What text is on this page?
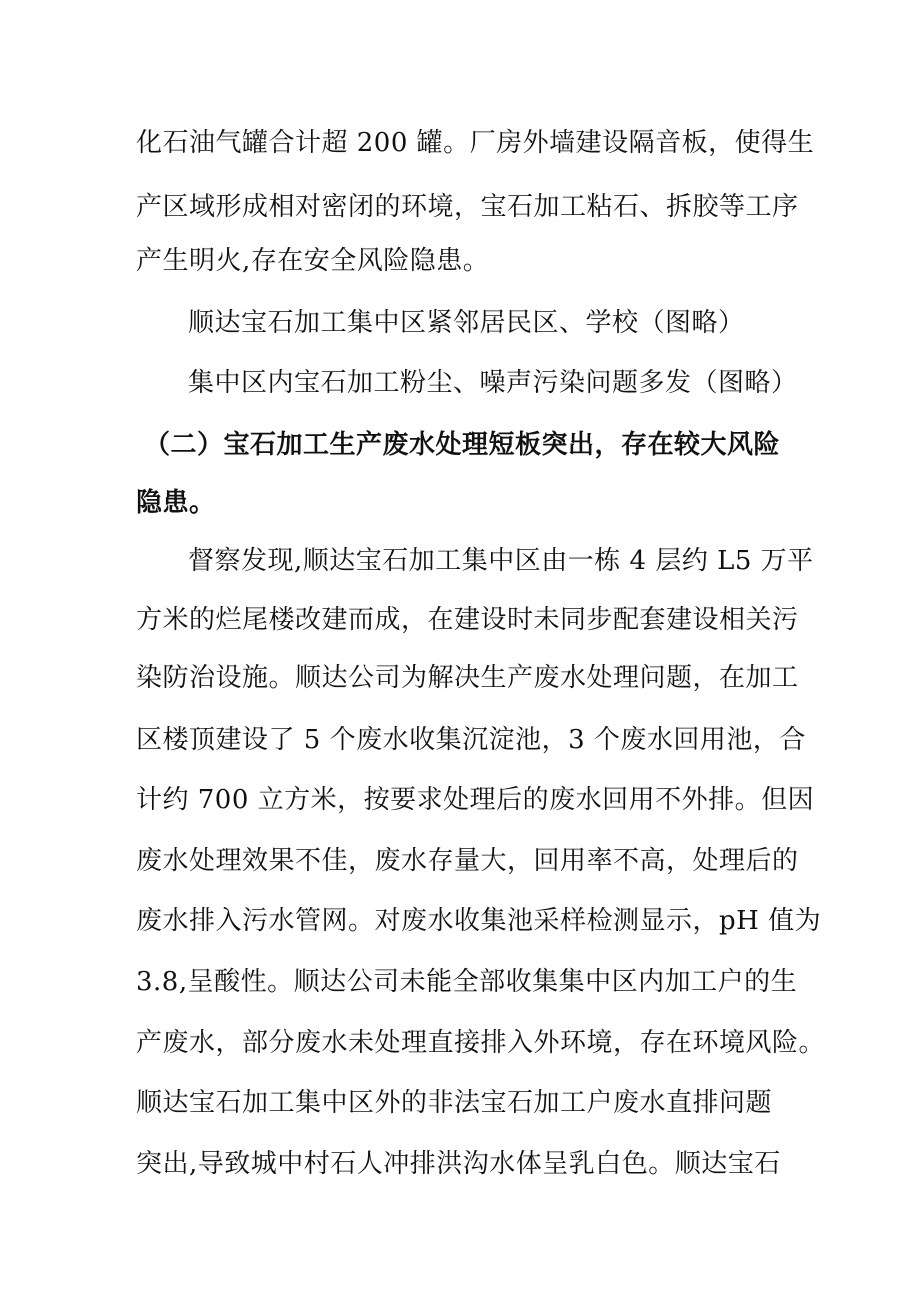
化石油气罐合计超 200 罐。厂房外墙建设隔音板，使得生
产区域形成相对密闭的环境，宝石加工粘石、拆胶等工序
产生明火,存在安全风险隐患。
顺达宝石加工集中区紧邻居民区、学校（图略）
集中区内宝石加工粉尘、噪声污染问题多发（图略）
（二）宝石加工生产废水处理短板突出，存在较大风险
隐患。
督察发现,顺达宝石加工集中区由一栋 4 层约 L5 万平
方米的烂尾楼改建而成，在建设时未同步配套建设相关污
染防治设施。顺达公司为解决生产废水处理问题，在加工
区楼顶建设了 5 个废水收集沉淀池，3 个废水回用池，合
计约 700 立方米，按要求处理后的废水回用不外排。但因
废水处理效果不佳，废水存量大，回用率不高，处理后的
废水排入污水管网。对废水收集池采样检测显示，pH 值为
3.8,呈酸性。顺达公司未能全部收集集中区内加工户的生
产废水，部分废水未处理直接排入外环境，存在环境风险。
顺达宝石加工集中区外的非法宝石加工户废水直排问题
突出,导致城中村石人冲排洪沟水体呈乳白色。顺达宝石
